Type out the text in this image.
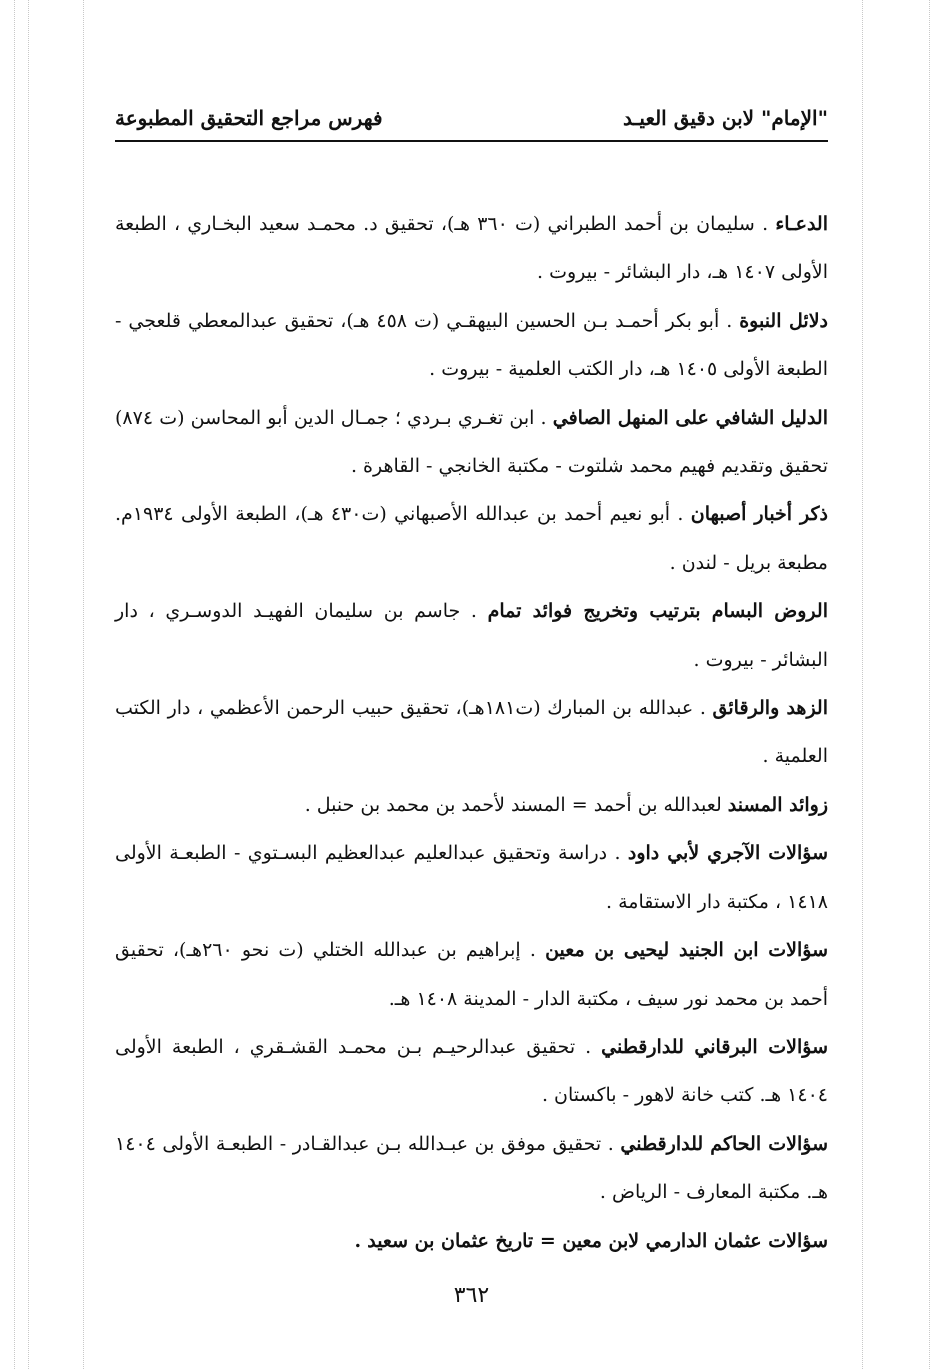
"الإمام" لابن دقيق العيـد
فهرس مراجع التحقيق المطبوعة

الدعـاء . سليمان بن أحمد الطبراني (ت ٣٦٠ هـ)، تحقيق د. محمـد سعيد البخـاري ، الطبعة الأولى ١٤٠٧ هـ، دار البشائر - بيروت .

دلائل النبوة . أبو بكر أحمـد بـن الحسين البيهقـي (ت ٤٥٨ هـ)، تحقيق عبدالمعطي قلعجي - الطبعة الأولى ١٤٠٥ هـ، دار الكتب العلمية - بيروت .

الدليل الشافي على المنهل الصافي . ابن تغـري بـردي ؛ جمـال الدين أبو المحاسن (ت ٨٧٤) تحقيق وتقديم فهيم محمد شلتوت - مكتبة الخانجي - القاهرة .

ذكر أخبار أصبهان . أبو نعيم أحمد بن عبدالله الأصبهاني (ت٤٣٠ هـ)، الطبعة الأولى ١٩٣٤م. مطبعة بريل - لندن .

الروض البسام بترتيب وتخريج فوائد تمام . جاسم بن سليمان الفهيـد الدوسـري ، دار البشائر - بيروت .

الزهد والرقائق . عبدالله بن المبارك (ت١٨١هـ)، تحقيق حبيب الرحمن الأعظمي ، دار الكتب العلمية .

زوائد المسند لعبدالله بن أحمد = المسند لأحمد بن محمد بن حنبل .

سؤالات الآجري لأبي داود . دراسة وتحقيق عبدالعليم عبدالعظيم البسـتوي - الطبعـة الأولى ١٤١٨ ، مكتبة دار الاستقامة .

سؤالات ابن الجنيد ليحيى بن معين . إبراهيم بن عبدالله الختلي (ت نحو ٢٦٠هـ)، تحقيق أحمد بن محمد نور سيف ، مكتبة الدار - المدينة ١٤٠٨ هـ.

سؤالات البرقاني للدارقطني . تحقيق عبدالرحيـم بـن محمـد القشـقري ، الطبعة الأولى ١٤٠٤ هـ. كتب خانة لاهور - باكستان .

سؤالات الحاكم للدارقطني . تحقيق موفق بن عبـدالله بـن عبدالقـادر - الطبعـة الأولى ١٤٠٤ هـ. مكتبة المعارف - الرياض .

سؤالات عثمان الدارمي لابن معين = تاريخ عثمان بن سعيد .

٣٦٢
